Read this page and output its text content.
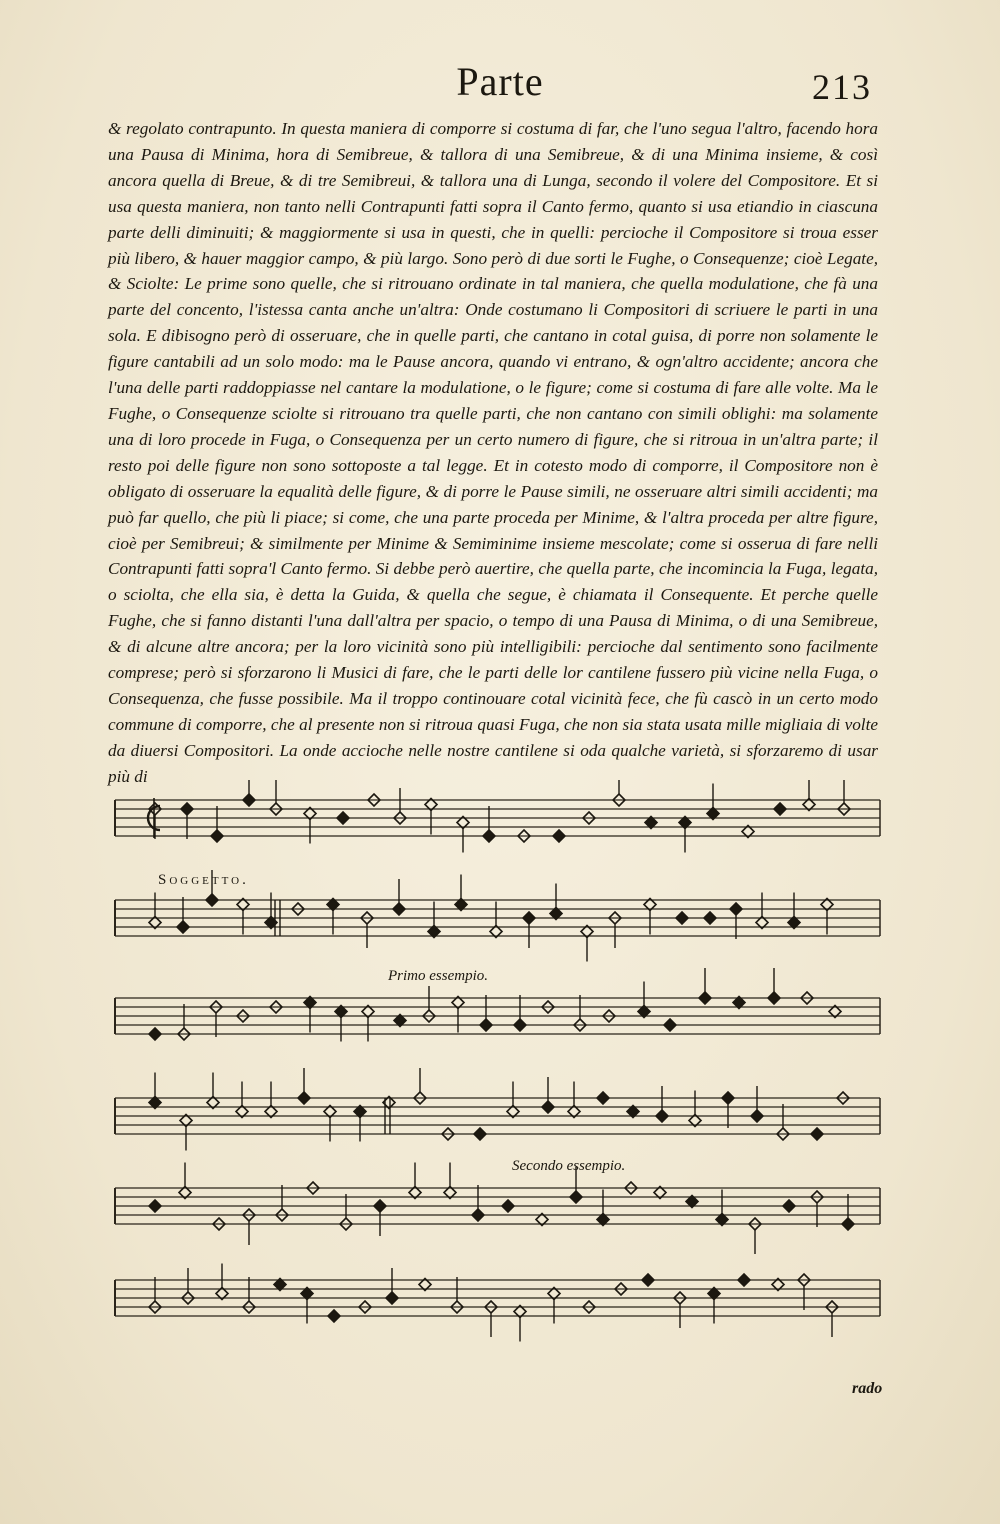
Parte	213

& regolato contrapunto. In questa maniera di comporre si costuma di far, che l'uno segua l'altro, facendo hora una Pausa di Minima, hora di Semibreue, & tallora di una Semibreue, & di una Minima insieme, & così ancora quella di Breue, & di tre Semibreui, & tallora una di Lunga, secondo il volere del Compositore. Et si usa questa maniera, non tanto nelli Contrapunti fatti sopra il Canto fermo, quanto si usa etiandio in ciascuna parte delli diminuiti; & maggiormente si usa in questi, che in quelli: percioche il Compositore si troua esser più libero, & hauer maggior campo, & più largo. Sono però di due sorti le Fughe, o Consequenze; cioè Legate, & Sciolte: Le prime sono quelle, che si ritrouano ordinate in tal maniera, che quella modulatione, che fà una parte del concento, l'istessa canta anche un'altra: Onde costumano li Compositori di scriuere le parti in una sola. E dibisogno però di osseruare, che in quelle parti, che cantano in cotal guisa, di porre non solamente le figure cantabili ad un solo modo: ma le Pause ancora, quando vi entrano, & ogn'altro accidente; ancora che l'una delle parti raddoppiasse nel cantare la modulatione, o le figure; come si costuma di fare alle volte. Ma le Fughe, o Consequenze sciolte si ritrouano tra quelle parti, che non cantano con simili oblighi: ma solamente una di loro procede in Fuga, o Consequenza per un certo numero di figure, che si ritroua in un'altra parte; il resto poi delle figure non sono sottoposte a tal legge. Et in cotesto modo di comporre, il Compositore non è obligato di osseruare la equalità delle figure, & di porre le Pause simili, ne osseruare altri simili accidenti; ma può far quello, che più li piace; si come, che una parte proceda per Minime, & l'altra proceda per altre figure, cioè per Semibreui; & similmente per Minime & Semiminime insieme mescolate; come si osserua di fare nelli Contrapunti fatti sopra'l Canto fermo. Si debbe però auertire, che quella parte, che incomincia la Fuga, legata, o sciolta, che ella sia, è detta la Guida, & quella che segue, è chiamata il Consequente. Et perche quelle Fughe, che si fanno distanti l'una dall'altra per spacio, o tempo di una Pausa di Minima, o di una Semibreue, & di alcune altre ancora; per la loro vicinità sono più intelligibili: percioche dal sentimento sono facilmente comprese; però si sforzarono li Musici di fare, che le parti delle lor cantilene fussero più vicine nella Fuga, o Consequenza, che fusse possibile. Ma il troppo continouare cotal vicinità fece, che fù cascò in un certo modo commune di comporre, che al presente non si ritroua quasi Fuga, che non sia stata usata mille migliaia di volte da diuersi Compositori. La onde accioche nelle nostre cantilene si oda qualche varietà, si sforzaremo di usar più di

Soggetto.
Primo essempio.
Secondo essempio.
rado
